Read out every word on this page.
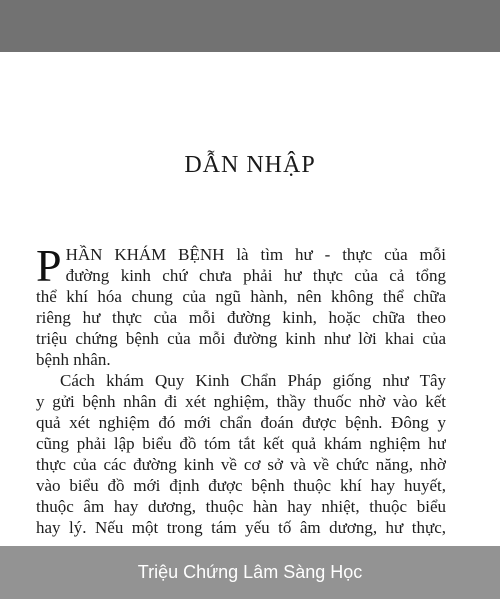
DẪN NHẬP
P HẦN KHÁM BỆNH là tìm hư - thực của mỗi
đường kinh chứ chưa phải hư thực của cả tổng
thể khí hóa chung của ngũ hành, nên không thể chữa
riêng hư thực của mỗi đường kinh, hoặc chữa theo
triệu chứng bệnh của mỗi đường kinh như lời khai của
bệnh nhân.
Cách khám Quy Kinh Chẩn Pháp giống như Tây
y gửi bệnh nhân đi xét nghiệm, thầy thuốc nhờ vào kết
quả xét nghiệm đó mới chẩn đoán được bệnh. Đông y
cũng phải lập biểu đồ tóm tắt kết quả khám nghiệm hư
thực của các đường kinh về cơ sở và về chức năng, nhờ
vào biểu đồ mới định được bệnh thuộc khí hay huyết,
thuộc âm hay dương, thuộc hàn hay nhiệt, thuộc biểu
hay lý. Nếu một trong tám yếu tố âm dương, hư thực,
Triệu Chứng Lâm Sàng Học
